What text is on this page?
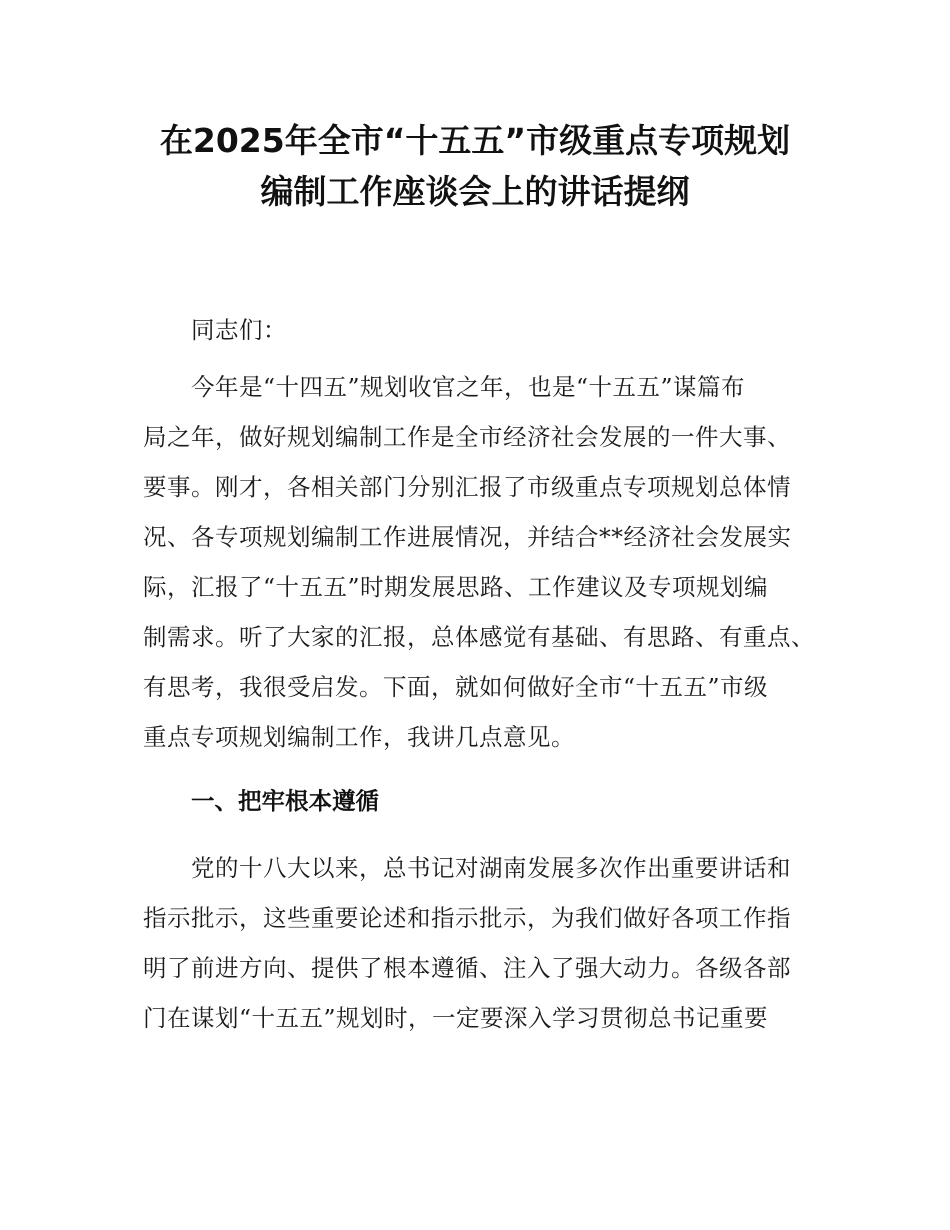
在2025年全市“十五五”市级重点专项规划
编制工作座谈会上的讲话提纲
同志们：
今年是“十四五”规划收官之年，也是“十五五”谋篇布
局之年，做好规划编制工作是全市经济社会发展的一件大事、
要事。刚才，各相关部门分别汇报了市级重点专项规划总体情
况、各专项规划编制工作进展情况，并结合**经济社会发展实
际，汇报了“十五五”时期发展思路、工作建议及专项规划编
制需求。听了大家的汇报，总体感觉有基础、有思路、有重点、
有思考，我很受启发。下面，就如何做好全市“十五五”市级
重点专项规划编制工作，我讲几点意见。
一、把牢根本遵循
党的十八大以来，总书记对湖南发展多次作出重要讲话和
指示批示，这些重要论述和指示批示，为我们做好各项工作指
明了前进方向、提供了根本遵循、注入了强大动力。各级各部
门在谋划“十五五”规划时，一定要深入学习贯彻总书记重要
